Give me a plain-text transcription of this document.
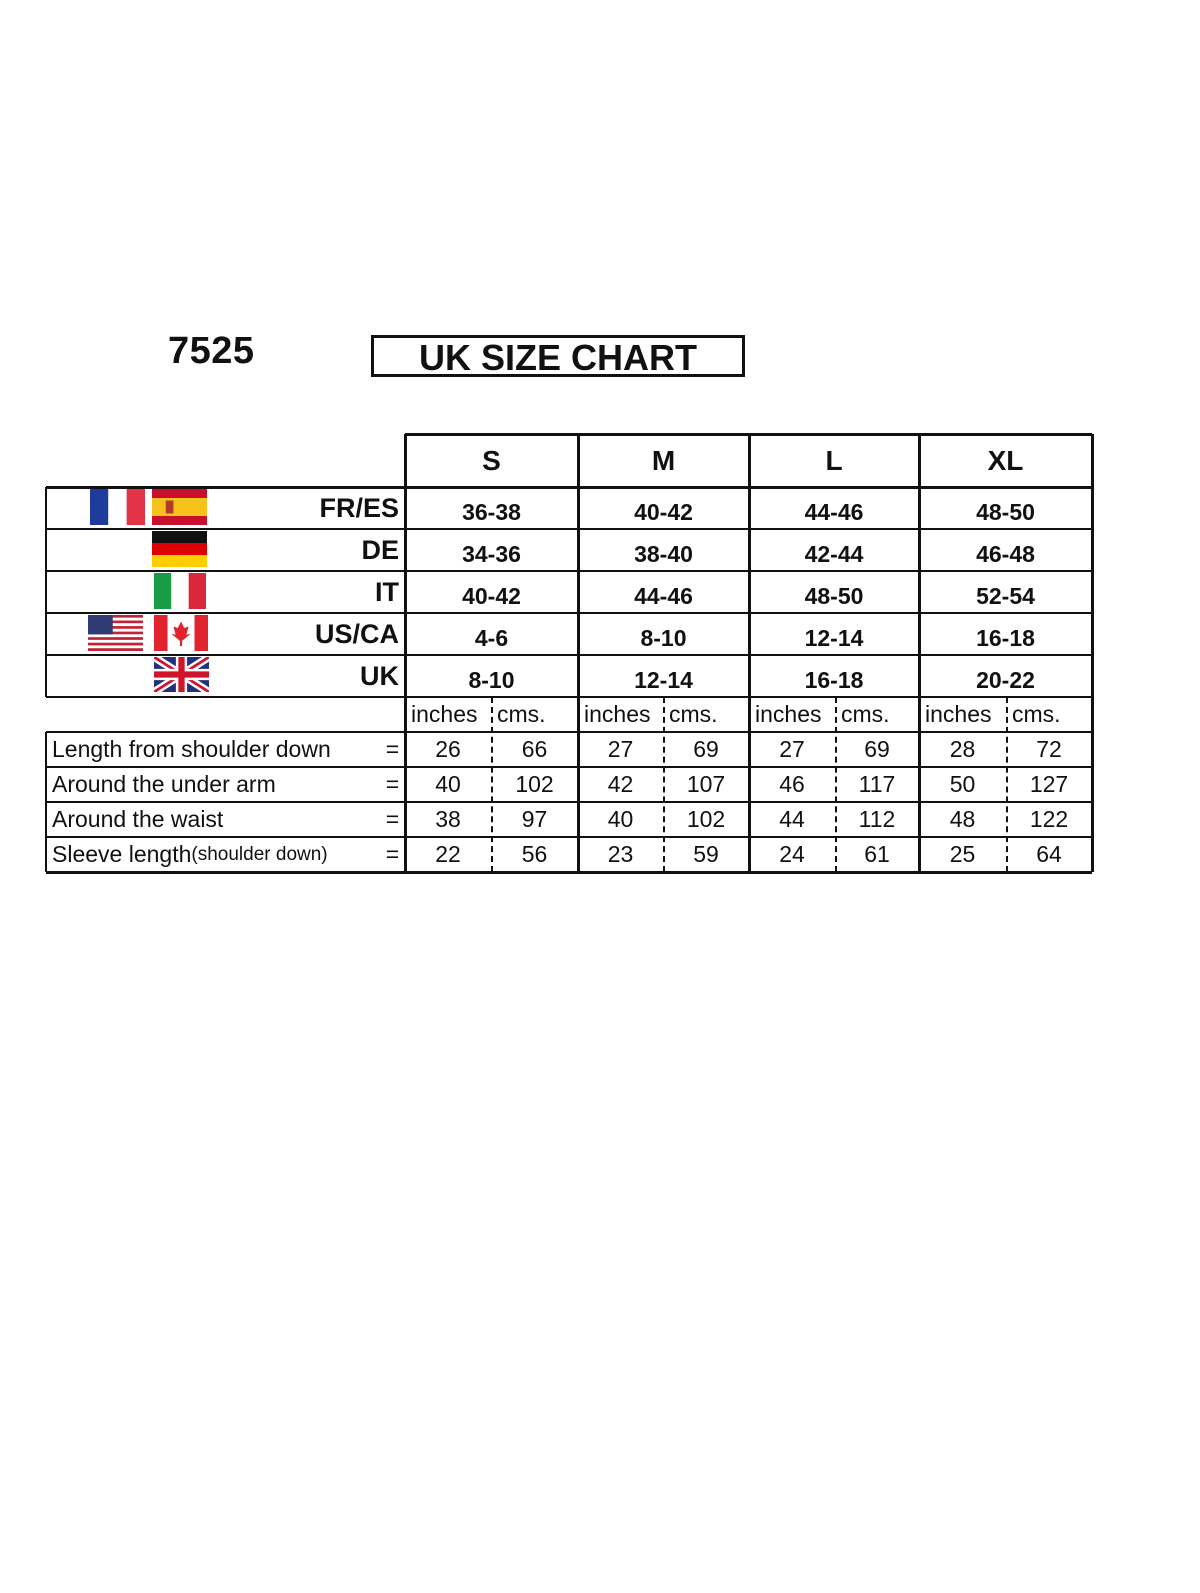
7525	UK SIZE CHART
S	M	L	XL
FR/ES	36-38	40-42	44-46	48-50
DE	34-36	38-40	42-44	46-48
IT	40-42	44-46	48-50	52-54
US/CA	4-6	8-10	12-14	16-18
UK	8-10	12-14	16-18	20-22
inches cms.	inches cms.	inches cms.	inches cms.
Length from shoulder down =	26	66	27	69	27	69	28	72
Around the under arm	=	40	102	42	107	46	117	50	127
Around the waist	=	38	97	40	102	44	112	48	122
Sleeve length (shoulder down)	=	22	56	23	59	24	61	25	64
